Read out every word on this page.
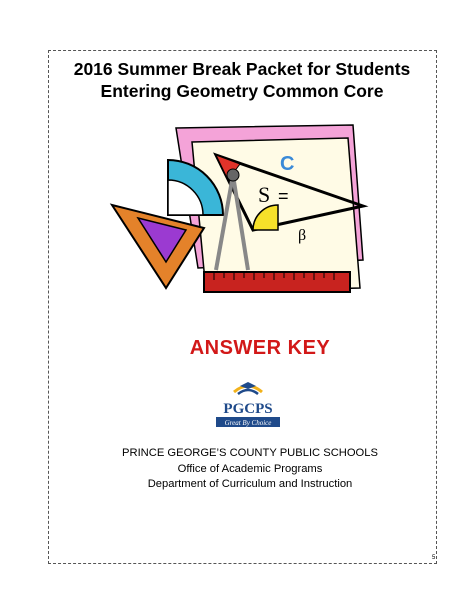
2016 Summer Break Packet for Students
Entering Geometry Common Core
C
S =
β
ANSWER KEY
PGCPS
Great By Choice
PRINCE GEORGE’S COUNTY PUBLIC SCHOOLS
Office of Academic Programs
Department of Curriculum and Instruction
5
